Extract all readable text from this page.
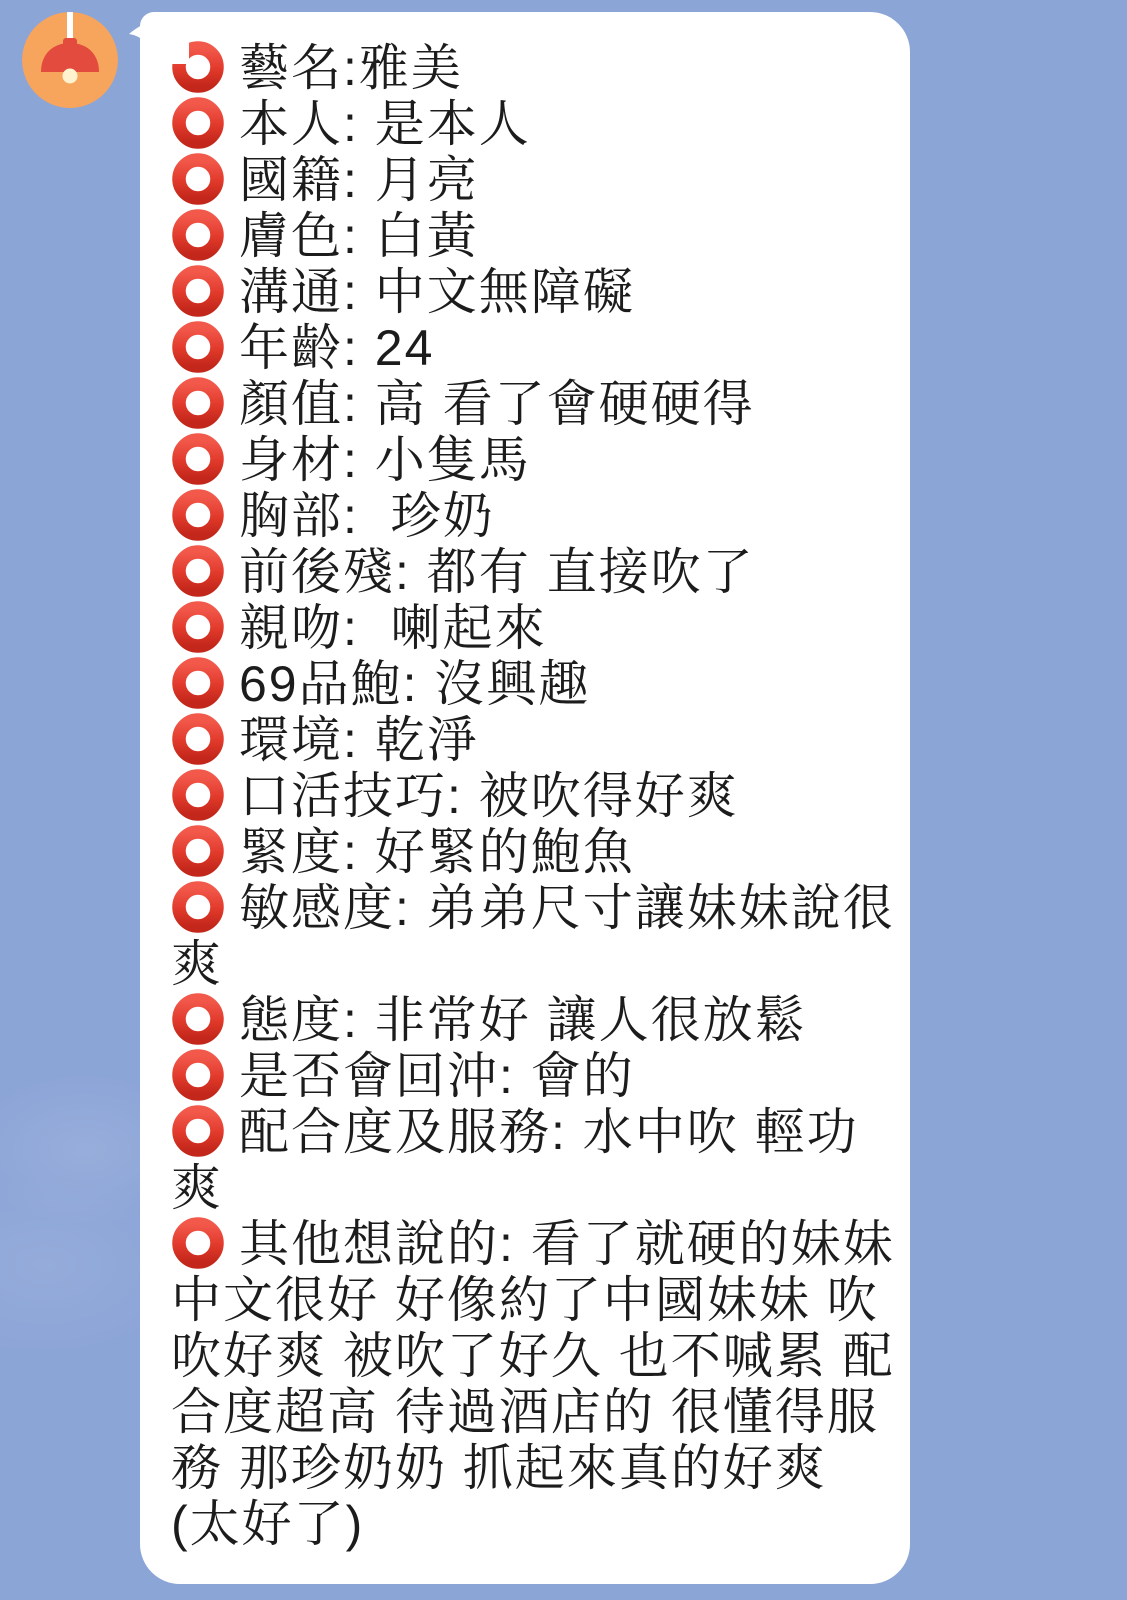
藝名:雅美
本人: 是本人
國籍: 月亮
膚色: 白黃
溝通: 中文無障礙
年齡: 24
顏值: 高 看了會硬硬得
身材: 小隻馬
胸部:  珍奶
前後殘: 都有 直接吹了
親吻:  喇起來
69品鮑: 沒興趣
環境: 乾淨
口活技巧: 被吹得好爽
緊度: 好緊的鮑魚
敏感度: 弟弟尺寸讓妹妹說很爽
態度: 非常好 讓人很放鬆
是否會回沖: 會的
配合度及服務: 水中吹 輕功爽
其他想說的: 看了就硬的妹妹 中文很好 好像約了中國妹妹 吹吹好爽 被吹了好久 也不喊累 配合度超高 待過酒店的 很懂得服務 那珍奶奶 抓起來真的好爽 (太好了)
